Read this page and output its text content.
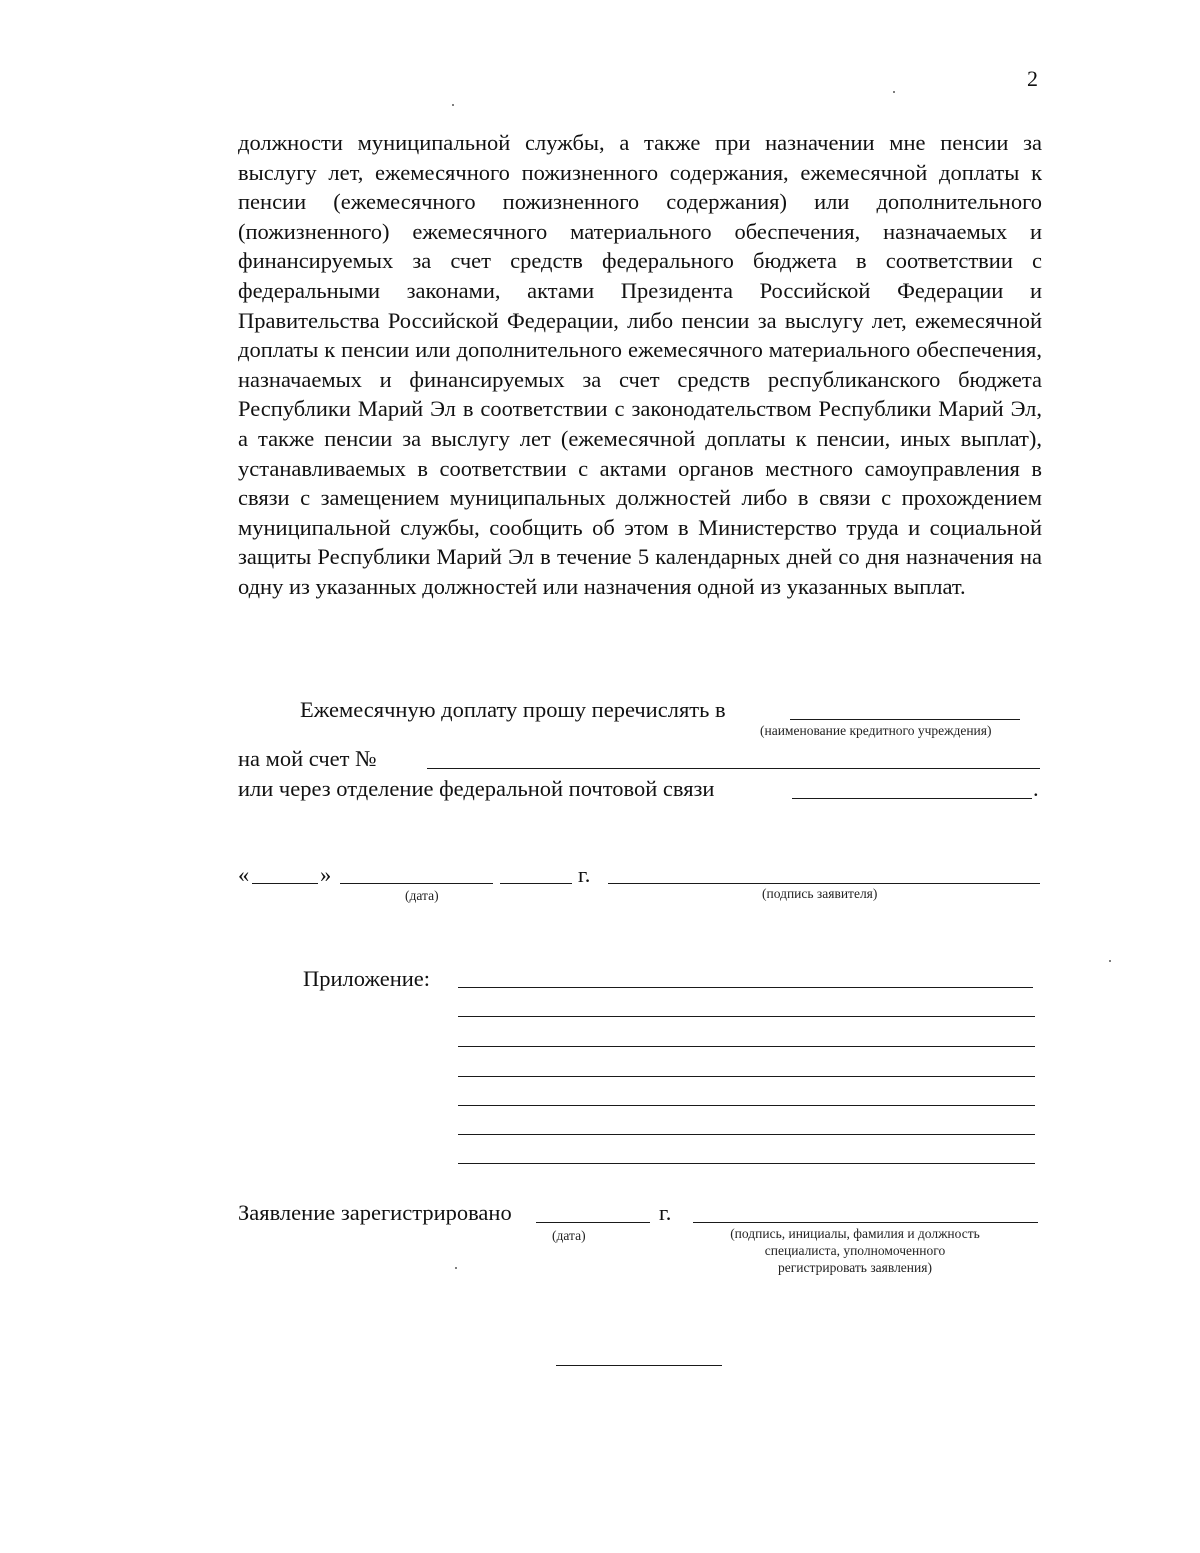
2

должности муниципальной службы, а также при назначении мне пенсии за выслугу лет, ежемесячного пожизненного содержания, ежемесячной доплаты к пенсии (ежемесячного пожизненного содержания) или дополнительного (пожизненного) ежемесячного материального обеспечения, назначаемых и финансируемых за счет средств федерального бюджета в соответствии с федеральными законами, актами Президента Российской Федерации и Правительства Российской Федерации, либо пенсии за выслугу лет, ежемесячной доплаты к пенсии или дополнительного ежемесячного материального обеспечения, назначаемых и финансируемых за счет средств республиканского бюджета Республики Марий Эл в соответствии с законодательством Республики Марий Эл, а также пенсии за выслугу лет (ежемесячной доплаты к пенсии, иных выплат), устанавливаемых в соответствии с актами органов местного самоуправления в связи с замещением муниципальных должностей либо в связи с прохождением муниципальной службы, сообщить об этом в Министерство труда и социальной защиты Республики Марий Эл в течение 5 календарных дней со дня назначения на одну из указанных должностей или назначения одной из указанных выплат.

Ежемесячную доплату прошу перечислять в
(наименование кредитного учреждения)
на мой счет №
или через отделение федеральной почтовой связи	.
«	»	г.
(дата)	(подпись заявителя)
Приложение:
Заявление зарегистрировано	г.
(дата)	(подпись, инициалы, фамилия и должность
специалиста, уполномоченного
регистрировать заявления)
